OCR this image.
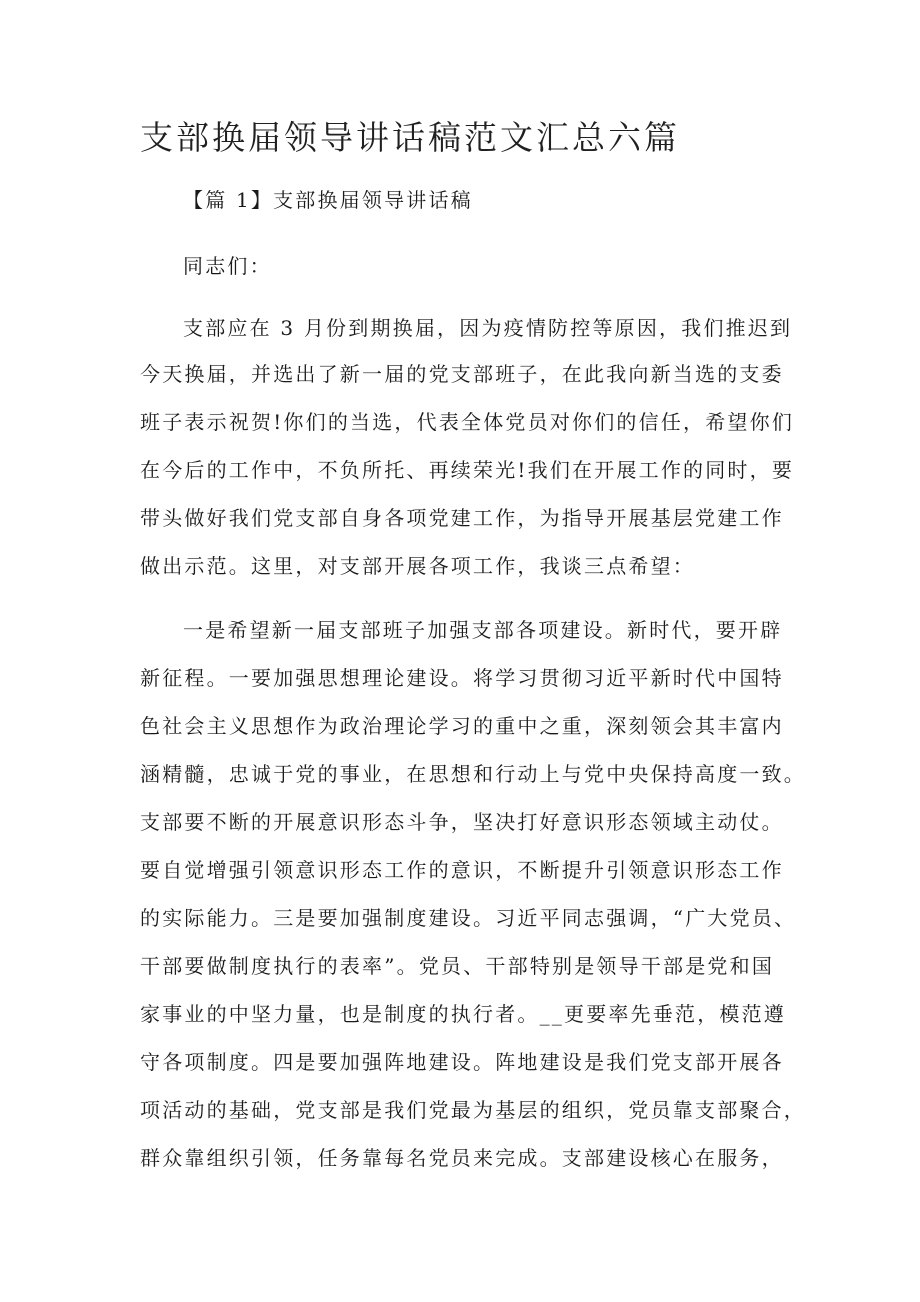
支部换届领导讲话稿范文汇总六篇
【篇 1】支部换届领导讲话稿
同志们：
支部应在 3 月份到期换届，因为疫情防控等原因，我们推迟到
今天换届，并选出了新一届的党支部班子，在此我向新当选的支委
班子表示祝贺!你们的当选，代表全体党员对你们的信任，希望你们
在今后的工作中，不负所托、再续荣光!我们在开展工作的同时，要
带头做好我们党支部自身各项党建工作，为指导开展基层党建工作
做出示范。这里，对支部开展各项工作，我谈三点希望：
一是希望新一届支部班子加强支部各项建设。新时代，要开辟
新征程。一要加强思想理论建设。将学习贯彻习近平新时代中国特
色社会主义思想作为政治理论学习的重中之重，深刻领会其丰富内
涵精髓，忠诚于党的事业，在思想和行动上与党中央保持高度一致。
支部要不断的开展意识形态斗争，坚决打好意识形态领域主动仗。
要自觉增强引领意识形态工作的意识，不断提升引领意识形态工作
的实际能力。三是要加强制度建设。习近平同志强调，“广大党员、
干部要做制度执行的表率”。党员、干部特别是领导干部是党和国
家事业的中坚力量，也是制度的执行者。__更要率先垂范，模范遵
守各项制度。四是要加强阵地建设。阵地建设是我们党支部开展各
项活动的基础，党支部是我们党最为基层的组织，党员靠支部聚合，
群众靠组织引领，任务靠每名党员来完成。支部建设核心在服务，
